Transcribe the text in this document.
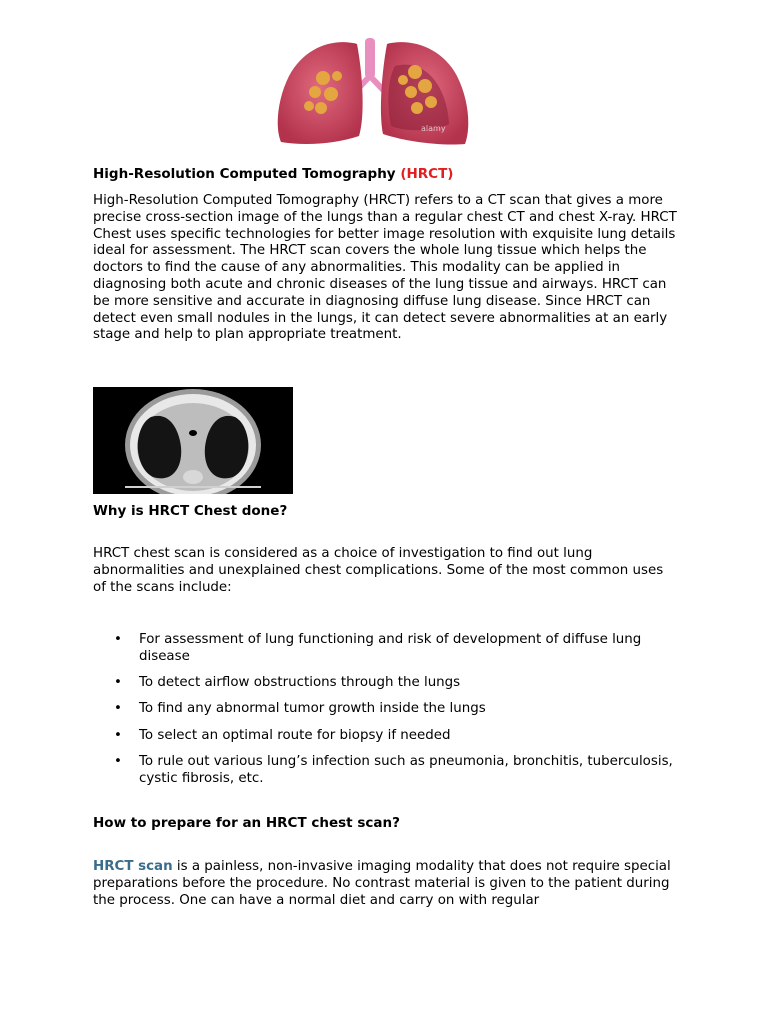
alamy
High-Resolution Computed Tomography (HRCT)

High-Resolution Computed Tomography (HRCT) refers to a CT scan that gives a more precise cross-section image of the lungs than a regular chest CT and chest X-ray. HRCT Chest uses specific technologies for better image resolution with exquisite lung details ideal for assessment. The HRCT scan covers the whole lung tissue which helps the doctors to find the cause of any abnormalities. This modality can be applied in diagnosing both acute and chronic diseases of the lung tissue and airways. HRCT can be more sensitive and accurate in diagnosing diffuse lung disease. Since HRCT can detect even small nodules in the lungs, it can detect severe abnormalities at an early stage and help to plan appropriate treatment.

Why is HRCT Chest done?

HRCT chest scan is considered as a choice of investigation to find out lung abnormalities and unexplained chest complications. Some of the most common uses of the scans include:

• For assessment of lung functioning and risk of development of diffuse lung disease
• To detect airflow obstructions through the lungs
• To find any abnormal tumor growth inside the lungs
• To select an optimal route for biopsy if needed
• To rule out various lung’s infection such as pneumonia, bronchitis, tuberculosis, cystic fibrosis, etc.
How to prepare for an HRCT chest scan?

HRCT scan is a painless, non-invasive imaging modality that does not require special preparations before the procedure. No contrast material is given to the patient during the process. One can have a normal diet and carry on with regular
